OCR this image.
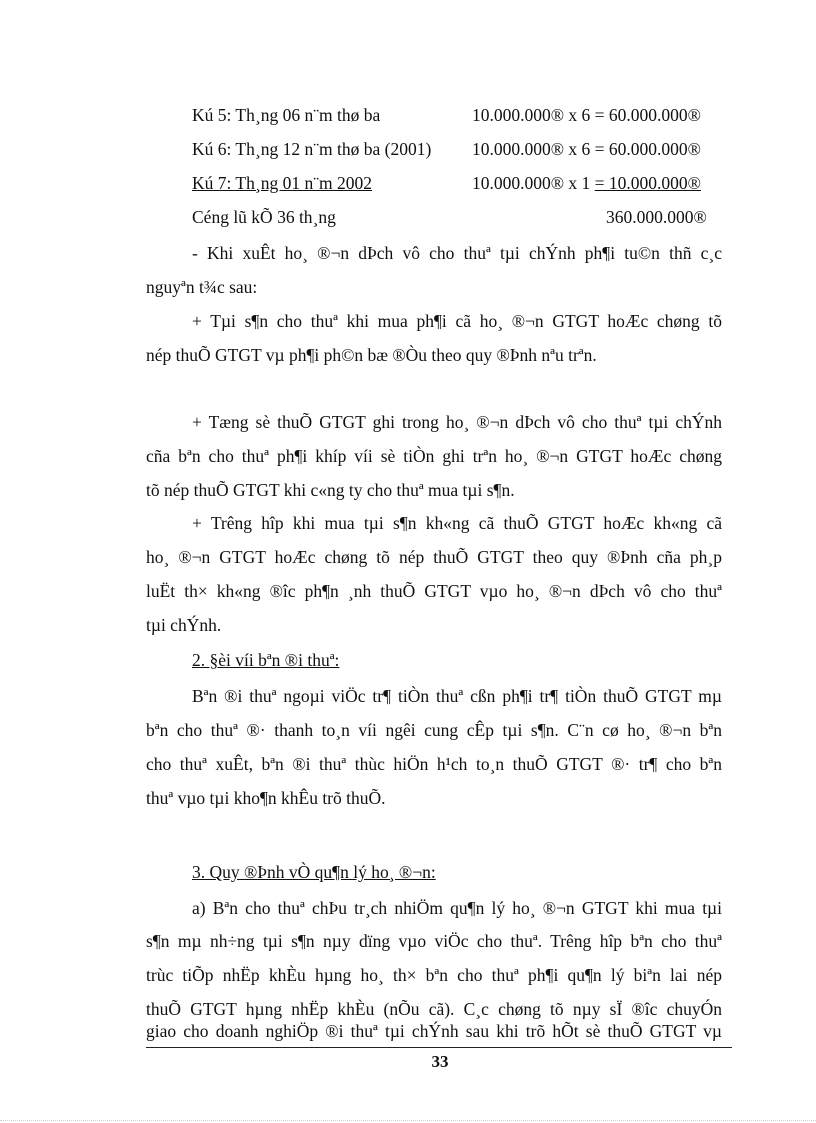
Kú 5: Th¸ng 06 n¨m thø ba	10.000.000® x 6 = 60.000.000®
Kú 6: Th¸ng 12 n¨m thø ba (2001) 10.000.000® x 6 = 60.000.000®
Kú 7: Th¸ng 01 n¨m 2002	10.000.000® x 1 = 10.000.000®
Céng lũ kÕ 36 th¸ng	360.000.000®
- Khi xuÊt ho¸ ®¬n dÞch vô cho thuª tµi chÝnh ph¶i tu©n thñ c¸c
nguyªn t¾c sau:
+ Tµi s¶n cho thuª khi mua ph¶i cã ho¸ ®¬n GTGT hoÆc chøng tõ
nép thuÕ GTGT vµ ph¶i ph©n bæ ®Òu theo quy ®Þnh nªu trªn.
+ Tæng sè thuÕ GTGT ghi trong ho¸ ®¬n dÞch vô cho thuª tµi chÝnh
cña bªn cho thuª ph¶i khíp víi sè tiÒn ghi trªn ho¸ ®¬n GTGT hoÆc chøng
tõ nép thuÕ GTGT khi c«ng ty cho thuª mua tµi s¶n.
+ Trêng hîp khi mua tµi s¶n kh«ng cã thuÕ GTGT hoÆc kh«ng cã
ho¸ ®¬n GTGT hoÆc chøng tõ nép thuÕ GTGT theo quy ®Þnh cña ph¸p
luËt th× kh«ng ®îc ph¶n ¸nh thuÕ GTGT vµo ho¸ ®¬n dÞch vô cho thuª
tµi chÝnh.
2. §èi víi bªn ®i thuª:
Bªn ®i thuª ngoµi viÖc tr¶ tiÒn thuª cßn ph¶i tr¶ tiÒn thuÕ GTGT mµ
bªn cho thuª ®· thanh to¸n víi ngêi cung cÊp tµi s¶n. C¨n cø ho¸ ®¬n bªn
cho thuª xuÊt, bªn ®i thuª thùc hiÖn h¹ch to¸n thuÕ GTGT ®· tr¶ cho bªn
thuª vµo tµi kho¶n khÊu trõ thuÕ.
3. Quy ®Þnh vÒ qu¶n lý ho¸ ®¬n:
a) Bªn cho thuª chÞu tr¸ch nhiÖm qu¶n lý ho¸ ®¬n GTGT khi mua tµi
s¶n mµ nh÷ng tµi s¶n nµy dïng vµo viÖc cho thuª. Trêng hîp bªn cho thuª
trùc tiÕp nhËp khÈu hµng ho¸ th× bªn cho thuª ph¶i qu¶n lý biªn lai nép
thuÕ GTGT hµng nhËp khÈu (nÕu cã). C¸c chøng tõ nµy sÏ ®îc chuyÓn
giao cho doanh nghiÖp ®i thuª tµi chÝnh sau khi trõ hÕt sè thuÕ GTGT vµ
33
